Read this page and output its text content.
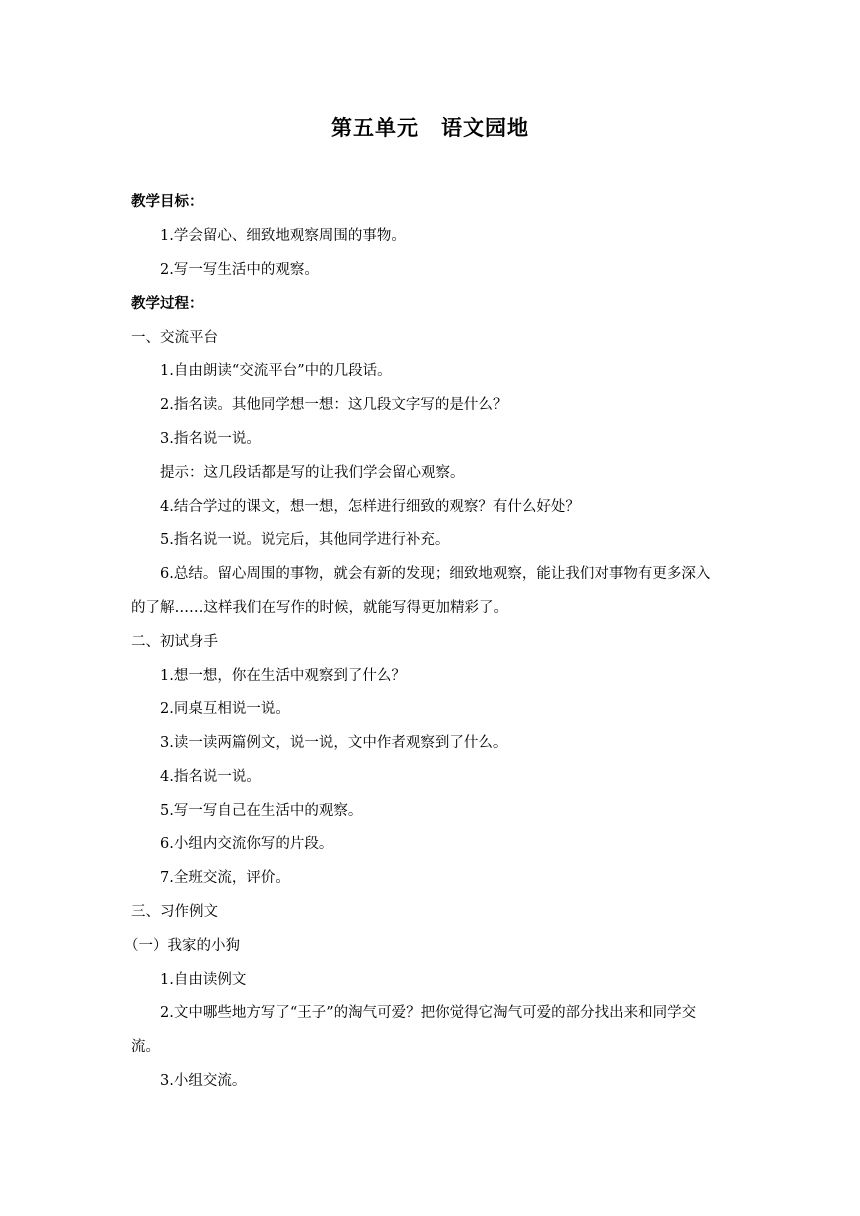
第五单元　语文园地
教学目标：
1.学会留心、细致地观察周围的事物。
2.写一写生活中的观察。
教学过程：
一、交流平台
1.自由朗读“交流平台”中的几段话。
2.指名读。其他同学想一想：这几段文字写的是什么？
3.指名说一说。
提示：这几段话都是写的让我们学会留心观察。
4.结合学过的课文，想一想，怎样进行细致的观察？有什么好处？
5.指名说一说。说完后，其他同学进行补充。
6.总结。留心周围的事物，就会有新的发现；细致地观察，能让我们对事物有更多深入
的了解……这样我们在写作的时候，就能写得更加精彩了。
二、初试身手
1.想一想，你在生活中观察到了什么？
2.同桌互相说一说。
3.读一读两篇例文，说一说，文中作者观察到了什么。
4.指名说一说。
5.写一写自己在生活中的观察。
6.小组内交流你写的片段。
7.全班交流，评价。
三、习作例文
（一）我家的小狗
1.自由读例文
2.文中哪些地方写了“王子”的淘气可爱？把你觉得它淘气可爱的部分找出来和同学交
流。
3.小组交流。
